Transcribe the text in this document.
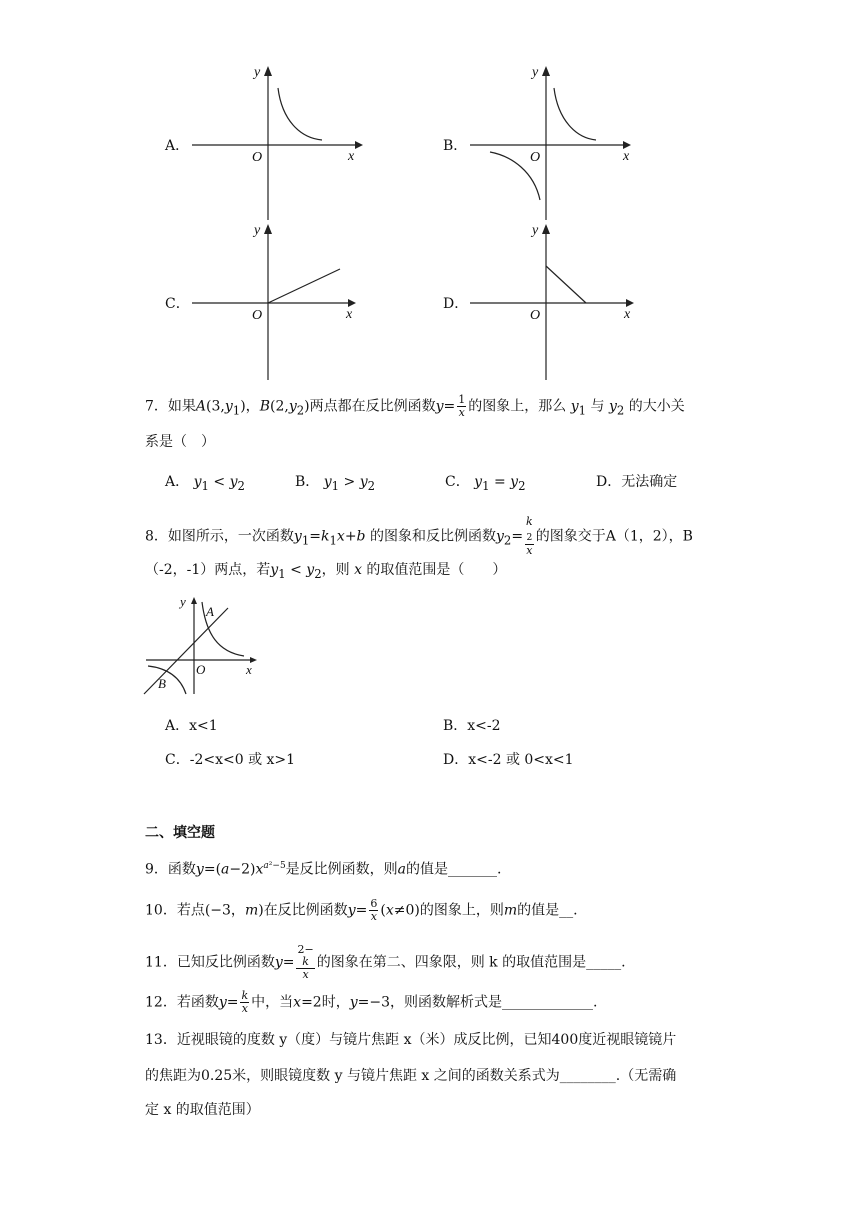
A．
x
y
O
B．
x
y
O
C．
x
y
O
D．
x
y
O
7．如果$A(3,y_1)$，$B(2,y_2)$两点都在反比例函数$y= \frac{1}{x}$ 的图象上，那么 $y_1$ 与 $y_2$ 的大小关
系是（　）
A． $y_1 < y_2$	B． $y_1 > y_2$	C． $y_1 = y_2$	D．无法确定
8．如图所示，一次函数$y_1=k_1x+b$ 的图象和反比例函数$y_2= k$
$_2$
x 的图象交于A（1，2），B
（-2，-1）两点，若$y_1 < y_2$，则 x 的取值范围是（　　）
x
y
O
A
B
A．x<1	B．x<-2
C．-2<x<0 或 x>1	D．x<-2 或 0<x<1
二、填空题
9．函数$y=(a-2)x^{a^2-5}$是反比例函数，则a的值是_______.
10．若点(−3，m)在反比例函数$y= \frac{6}{x} (x\ne 0)$的图象上，则m的值是__.
11．已知反比例函数y= 2−
k
x 的图象在第二、四象限，则 k 的取值范围是_____.
12．若函数$y= \frac{k}{x}$ 中，当x=2时，y=−3，则函数解析式是_____________.
13．近视眼镜的度数 y（度）与镜片焦距 x（米）成反比例，已知400度近视眼镜镜片
的焦距为0.25米，则眼镜度数 y 与镜片焦距 x 之间的函数关系式为________.（无需确
定 x 的取值范围）
